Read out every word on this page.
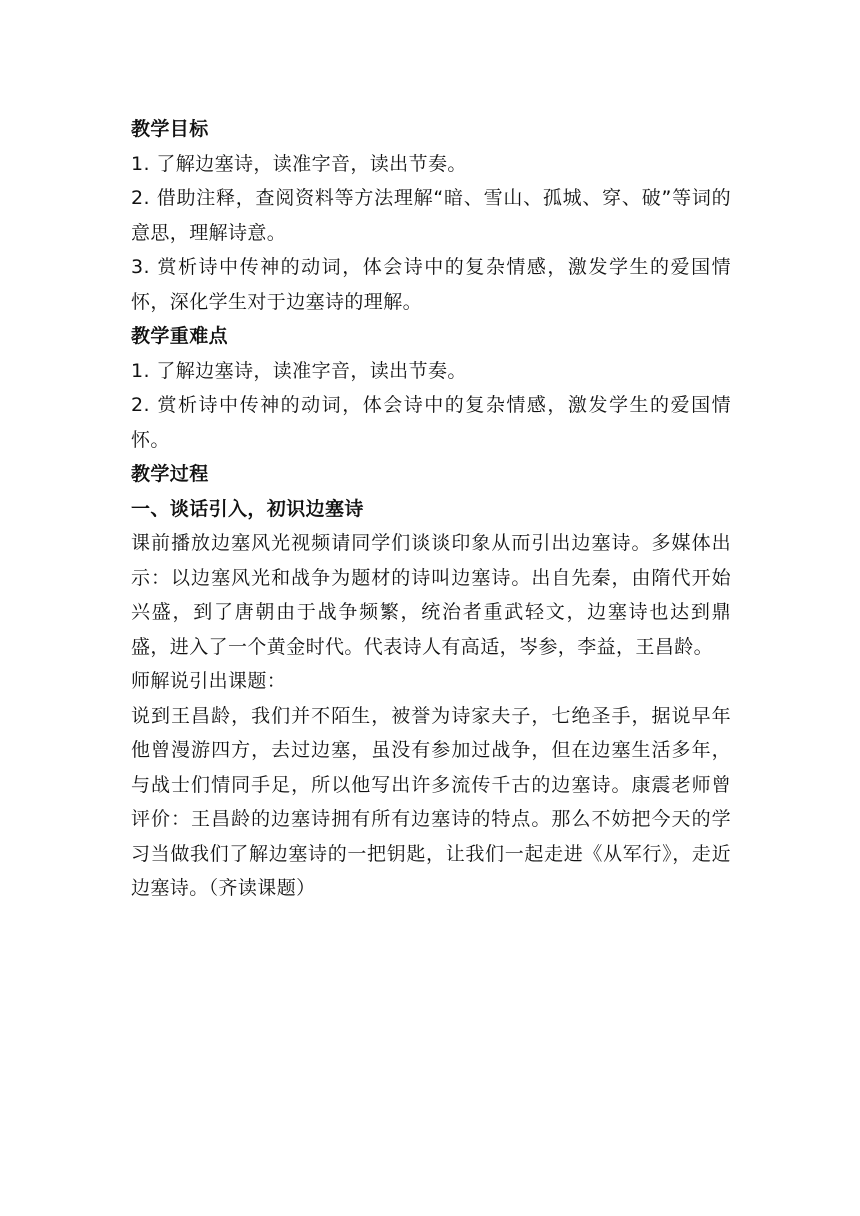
教学目标

1. 了解边塞诗，读准字音，读出节奏。

2. 借助注释，查阅资料等方法理解“暗、雪山、孤城、穿、破”等词的意思，理解诗意。

3. 赏析诗中传神的动词，体会诗中的复杂情感，激发学生的爱国情怀，深化学生对于边塞诗的理解。

教学重难点

1. 了解边塞诗，读准字音，读出节奏。

2. 赏析诗中传神的动词，体会诗中的复杂情感，激发学生的爱国情怀。

教学过程

一、谈话引入，初识边塞诗

课前播放边塞风光视频请同学们谈谈印象从而引出边塞诗。多媒体出示：以边塞风光和战争为题材的诗叫边塞诗。出自先秦，由隋代开始兴盛，到了唐朝由于战争频繁，统治者重武轻文，边塞诗也达到鼎盛，进入了一个黄金时代。代表诗人有高适，岑参，李益，王昌龄。

师解说引出课题：

说到王昌龄，我们并不陌生，被誉为诗家夫子，七绝圣手，据说早年他曾漫游四方，去过边塞，虽没有参加过战争，但在边塞生活多年，与战士们情同手足，所以他写出许多流传千古的边塞诗。康震老师曾评价：王昌龄的边塞诗拥有所有边塞诗的特点。那么不妨把今天的学习当做我们了解边塞诗的一把钥匙，让我们一起走进《从军行》，走近边塞诗。（齐读课题）
